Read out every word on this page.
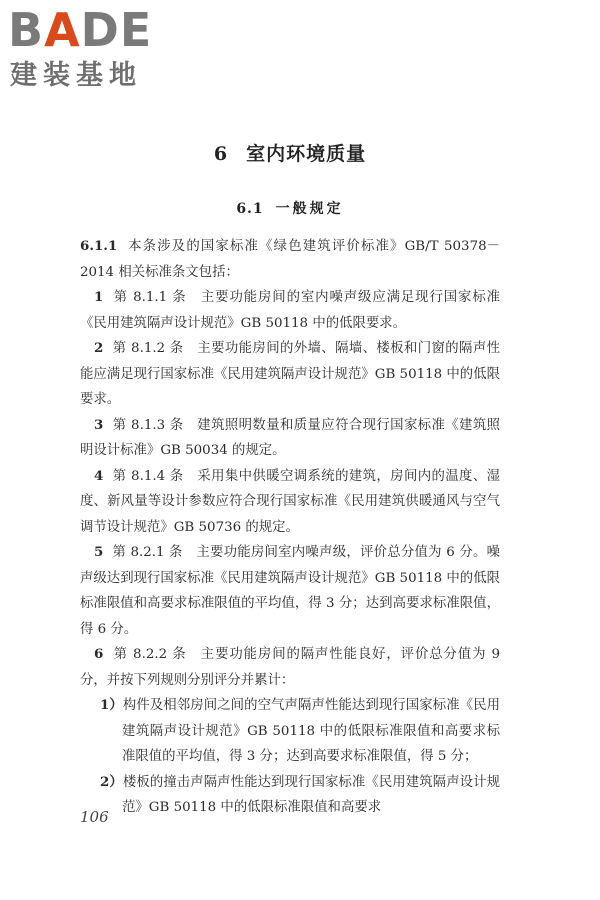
BADE
建装基地
6 室内环境质量
6.1 一般规定

6.1.1 本条涉及的国家标准《绿色建筑评价标准》GB/T 50378－2014 相关标准条文包括：

1 第 8.1.1 条　主要功能房间的室内噪声级应满足现行国家标准《民用建筑隔声设计规范》GB 50118 中的低限要求。

2 第 8.1.2 条　主要功能房间的外墙、隔墙、楼板和门窗的隔声性能应满足现行国家标准《民用建筑隔声设计规范》GB 50118 中的低限要求。

3 第 8.1.3 条　建筑照明数量和质量应符合现行国家标准《建筑照明设计标准》GB 50034 的规定。

4 第 8.1.4 条　采用集中供暖空调系统的建筑，房间内的温度、湿度、新风量等设计参数应符合现行国家标准《民用建筑供暖通风与空气调节设计规范》GB 50736 的规定。

5 第 8.2.1 条　主要功能房间室内噪声级，评价总分值为 6 分。噪声级达到现行国家标准《民用建筑隔声设计规范》GB 50118 中的低限标准限值和高要求标准限值的平均值，得 3 分；达到高要求标准限值，得 6 分。

6 第 8.2.2 条　主要功能房间的隔声性能良好，评价总分值为 9 分，并按下列规则分别评分并累计：

1）构件及相邻房间之间的空气声隔声性能达到现行国家标准《民用建筑隔声设计规范》GB 50118 中的低限标准限值和高要求标准限值的平均值，得 3 分；达到高要求标准限值，得 5 分；

2）楼板的撞击声隔声性能达到现行国家标准《民用建筑隔声设计规范》GB 50118 中的低限标准限值和高要求

106
